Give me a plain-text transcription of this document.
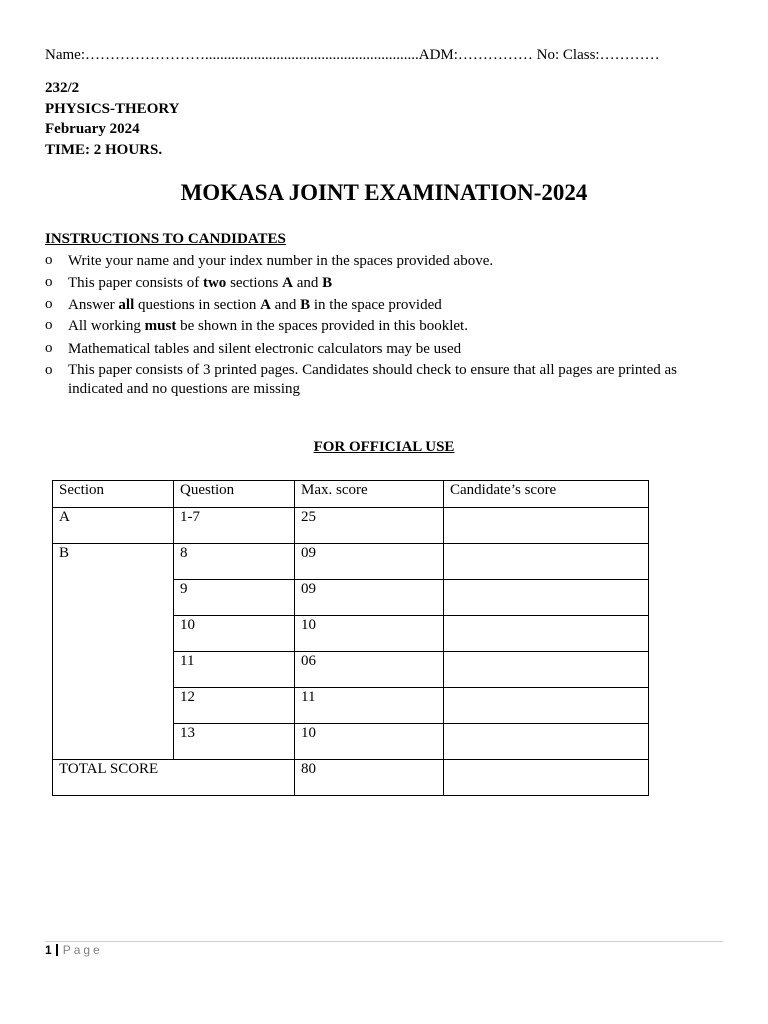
Name:…………………….........................................................ADM:…………… No: Class:…………
232/2
PHYSICS-THEORY
February 2024
TIME: 2 HOURS.
MOKASA JOINT EXAMINATION-2024
INSTRUCTIONS TO CANDIDATES
o	Write your name and your index number in the spaces provided above.
o	This paper consists of two sections A and B
o	Answer all questions in section A and B in the space provided
o	All working must be shown in the spaces provided in this booklet.
o	Mathematical tables and silent electronic calculators may be used
o	This paper consists of 3 printed pages. Candidates should check to ensure that all pages are printed as indicated and no questions are missing
FOR OFFICIAL USE
Section	Question	Max. score	Candidate’s score
A	1-7	25	
B	8	09	
	9	09	
	10	10	
	11	06	
	12	11	
	13	10	
TOTAL SCORE		80	
1 Page
